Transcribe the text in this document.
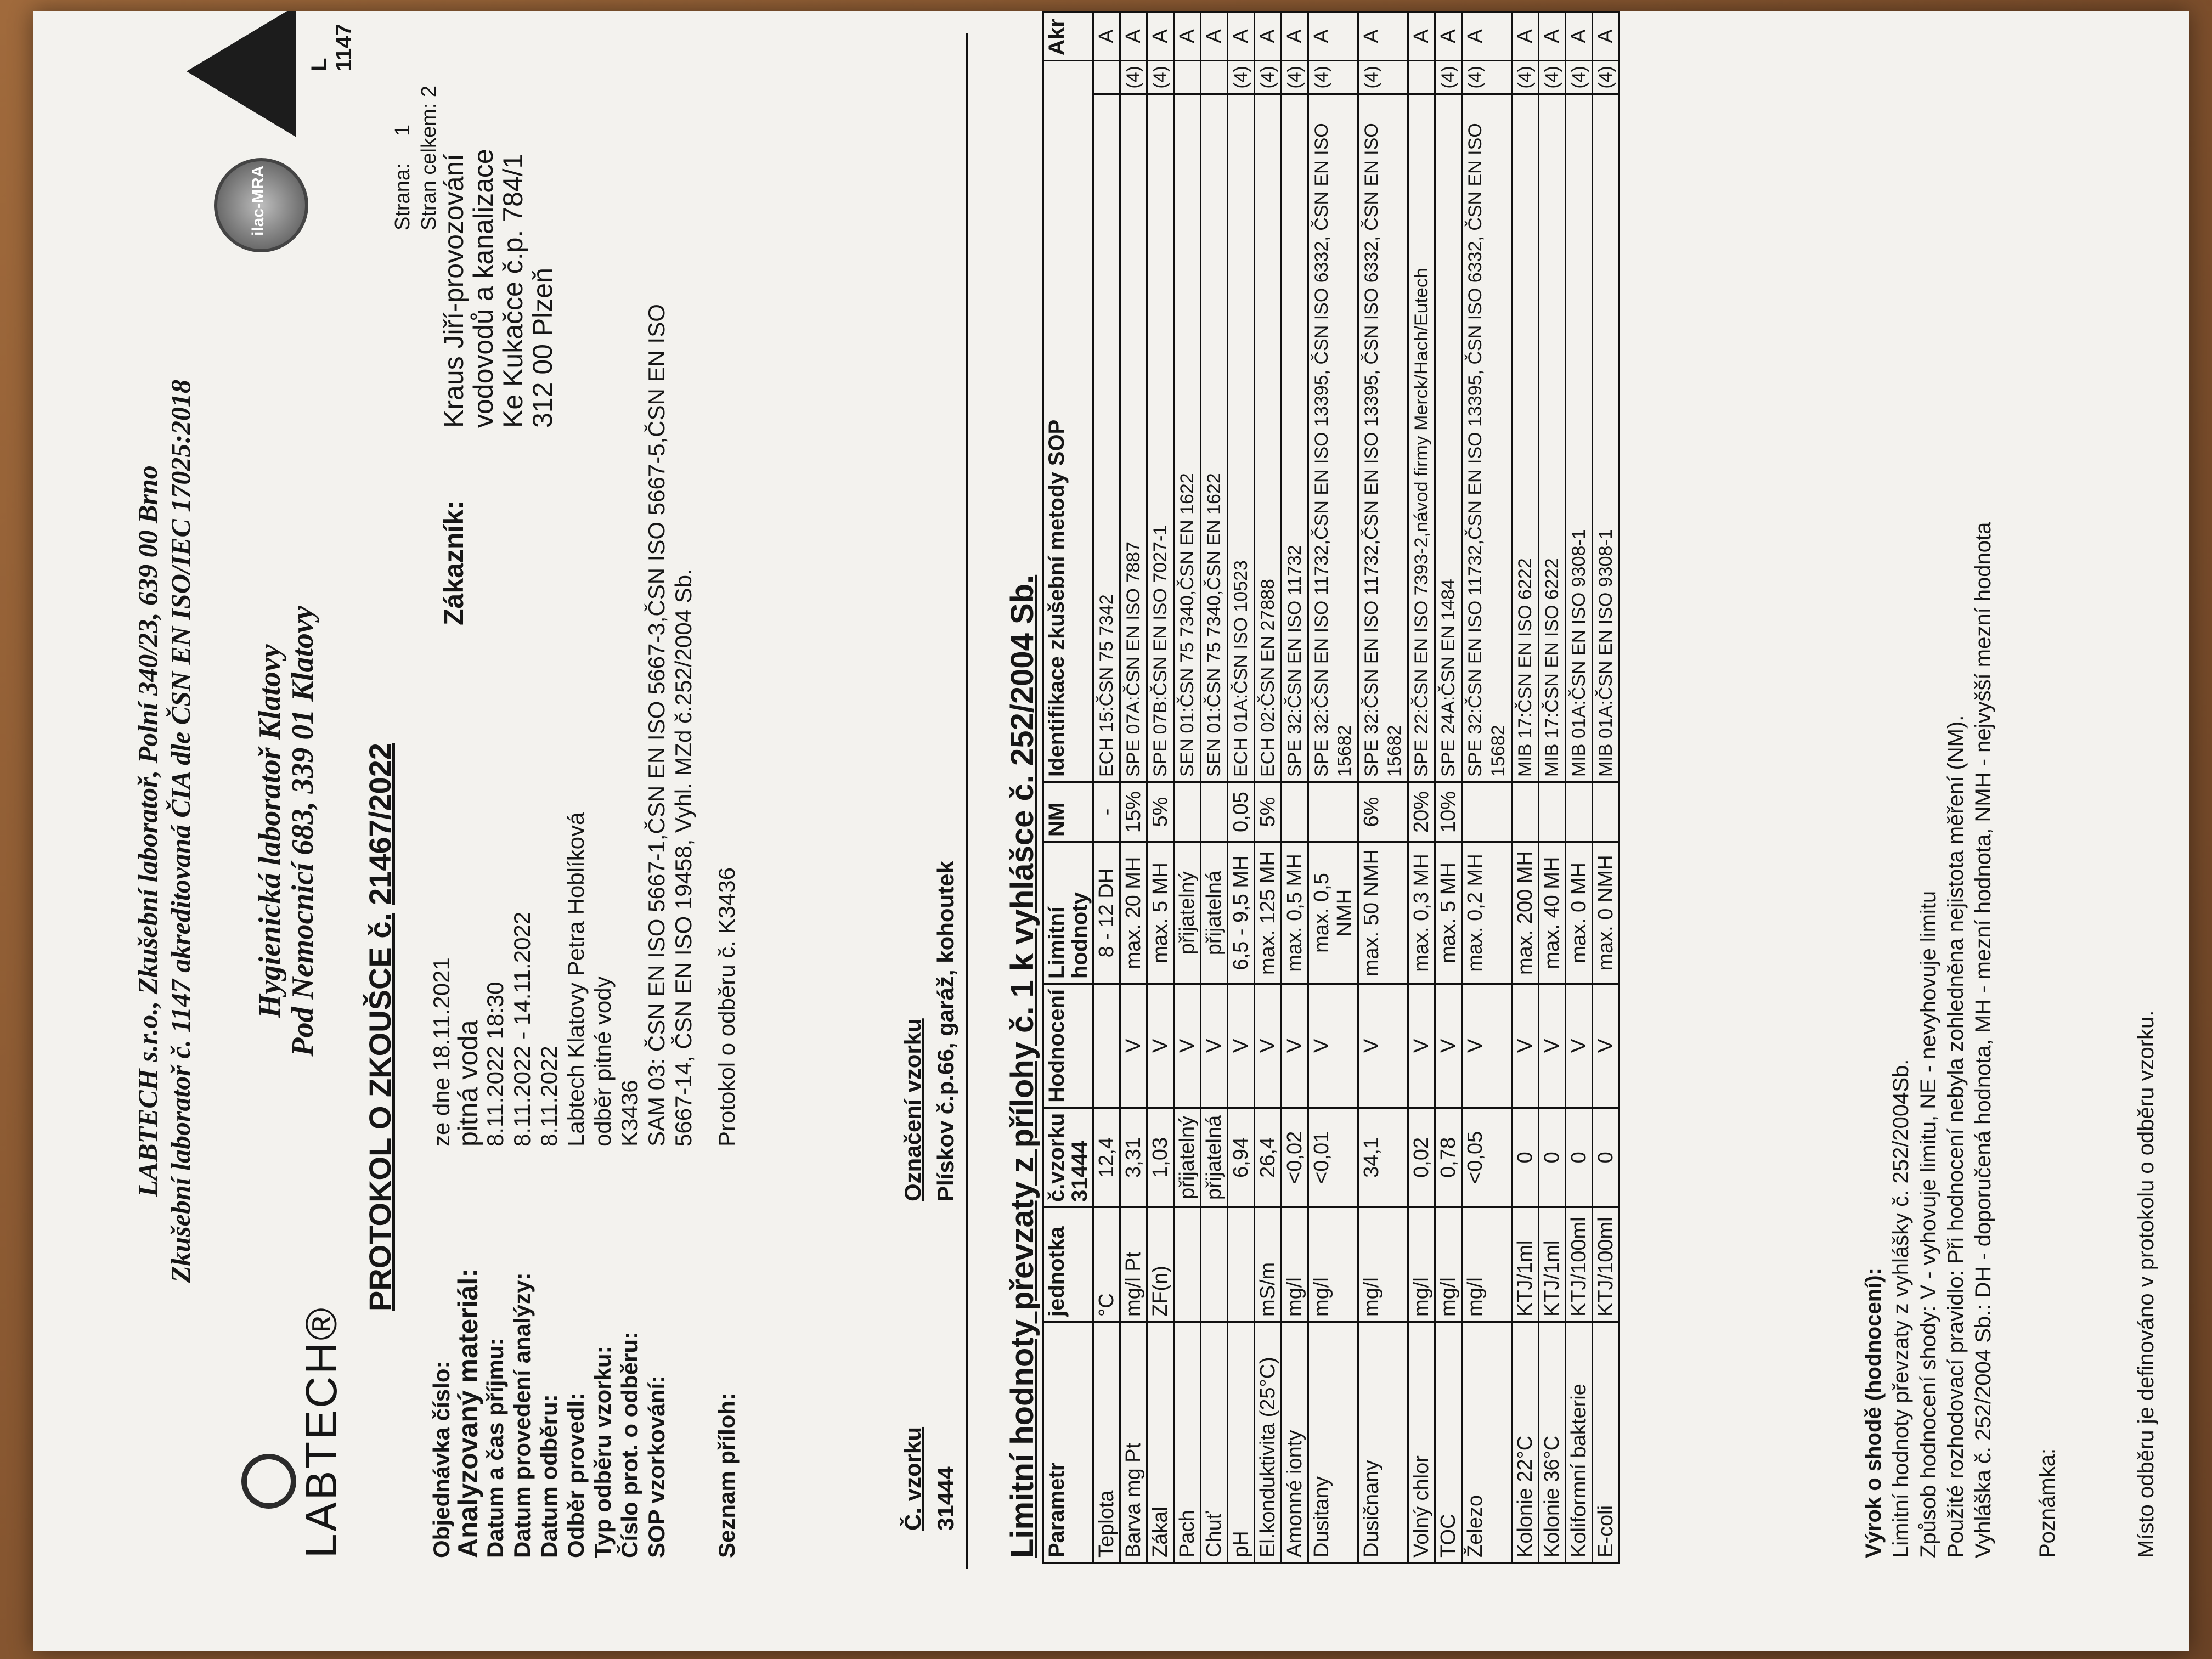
LABTECH s.r.o., Zkušební laboratoř, Polní 340/23, 639 00 Brno Zkušební laboratoř č. 1147 akreditovaná ČIA dle ČSN EN ISO/IEC 17025:2018
LABTECH®
Hygienická laboratoř Klatovy
Pod Nemocnicí 683, 339 01 Klatovy
PROTOKOL O ZKOUŠCE č.21467/2022
ilac-MRA
L 1147
Strana: 1 Stran celkem: 2
Objednávka číslo:
ze dne 18.11.2021
Analyzovaný materiál:
pitná voda
Datum a čas příjmu:
8.11.2022 18:30
Datum provedení analýzy:
8.11.2022 - 14.11.2022
Datum odběru:
8.11.2022
Odběr provedl:
Labtech Klatovy Petra Hoblíková
Typ odběru vzorku:
odběr pitné vody
Číslo prot. o odběru:
K3436
SOP vzorkování:
SAM 03: ČSN EN ISO 5667-1,ČSN EN ISO 5667-3,ČSN ISO 5667-5,ČSN EN ISO 5667-14, ČSN EN ISO 19458, Vyhl. MZd č.252/2004 Sb.
Seznam příloh:
Protokol o odběru č. K3436
Zákazník:
Kraus Jiří-provozování vodovodů a kanalizace
Ke Kukačce č.p. 784/1
312 00 Plzeň
Č. vzorku
Označení vzorku
31444
Plískov č.p.66, garáž, kohoutek Limitní hodnoty převzaty z přílohy č. 1 k vyhlášce č. 252/2004 Sb. Parametr	jednotka	č.vzorku 31444	Hodnocení	Limitní hodnoty	NM	Identifikace zkušební metody SOP		Akr
Teplota	°C	12,4		8 - 12 DH	-	ECH 15:ČSN 75 7342		A
Barva mg Pt	mg/l Pt	3,31	V	max. 20 MH	15%	SPE 07A:ČSN EN ISO 7887	(4)	A
Zákal	ZF(n)	1,03	V	max. 5 MH	5%	SPE 07B:ČSN EN ISO 7027-1	(4)	A
Pach		přijatelný	V	přijatelný		SEN 01:ČSN 75 7340,ČSN EN 1622		A
Chuť		přijatelná	V	přijatelná		SEN 01:ČSN 75 7340,ČSN EN 1622		A
pH		6,94	V	6,5 - 9,5 MH	0,05	ECH 01A:ČSN ISO 10523	(4)	A
El.konduktivita (25°C)	mS/m	26,4	V	max. 125 MH	5%	ECH 02:ČSN EN 27888	(4)	A
Amonné ionty	mg/l	<0,02	V	max. 0,5 MH		SPE 32:ČSN EN ISO 11732	(4)	A
Dusitany	mg/l	<0,01	V	max. 0,5 NMH		SPE 32:ČSN EN ISO 11732,ČSN EN ISO 13395, ČSN ISO 6332, ČSN EN ISO 15682	(4)	A
Dusičnany	mg/l	34,1	V	max. 50 NMH	6%	SPE 32:ČSN EN ISO 11732,ČSN EN ISO 13395, ČSN ISO 6332, ČSN EN ISO 15682	(4)	A
Volný chlor	mg/l	0,02	V	max. 0,3 MH	20%	SPE 22:ČSN EN ISO 7393-2,návod firmy Merck/Hach/Eutech		A
TOC	mg/l	0,78	V	max. 5 MH	10%	SPE 24A:ČSN EN 1484	(4)	A
Železo	mg/l	<0,05	V	max. 0,2 MH		SPE 32:ČSN EN ISO 11732,ČSN EN ISO 13395, ČSN ISO 6332, ČSN EN ISO 15682	(4)	A
Kolonie 22°C	KTJ/1ml	0	V	max. 200 MH		MIB 17:ČSN EN ISO 6222	(4)	A
Kolonie 36°C	KTJ/1ml	0	V	max. 40 MH		MIB 17:ČSN EN ISO 6222	(4)	A
Koliformní bakterie	KTJ/100ml	0	V	max. 0 MH		MIB 01A:ČSN EN ISO 9308-1	(4)	A
E-coli	KTJ/100ml	0	V	max. 0 NMH		MIB 01A:ČSN EN ISO 9308-1	(4)	A
Výrok o shodě (hodnocení): Limitní hodnoty převzaty z vyhlášky č. 252/2004Sb. Způsob hodnocení shody: V - vyhovuje limitu, NE - nevyhovuje limitu Použité rozhodovací pravidlo: Při hodnocení nebyla zohledněna nejistota měření (NM). Vyhláška č. 252/2004 Sb.: DH - doporučená hodnota, MH - mezní hodnota, NMH - nejvyšší mezní hodnota Poznámka:	Místo odběru je definováno v protokolu o odběru vzorku.
